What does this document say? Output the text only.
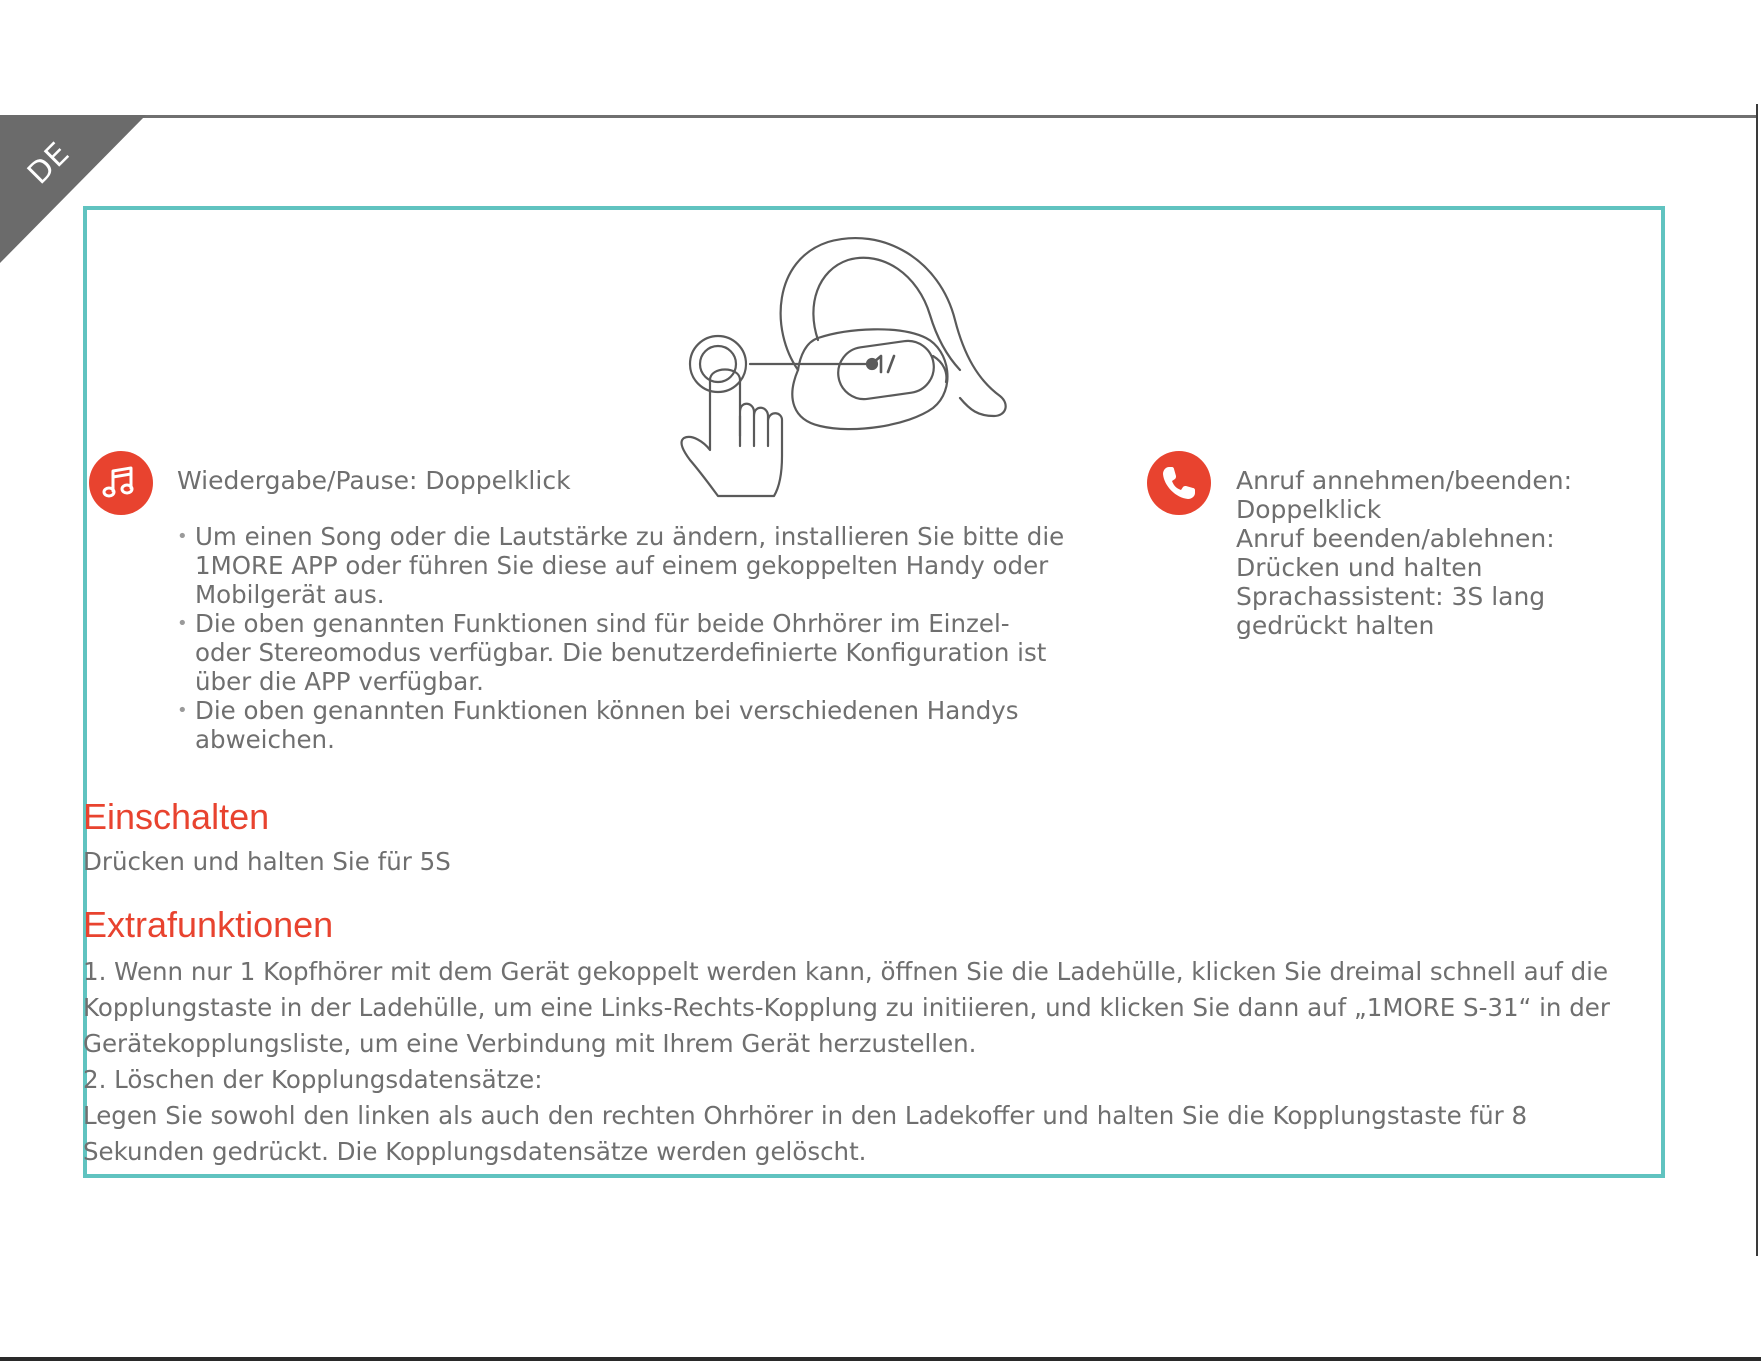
DE
Wiedergabe/Pause: Doppelklick
• Um einen Song oder die Lautstärke zu ändern, installieren Sie bitte die
1MORE APP oder führen Sie diese auf einem gekoppelten Handy oder
Mobilgerät aus.
• Die oben genannten Funktionen sind für beide Ohrhörer im Einzel-
oder Stereomodus verfügbar. Die benutzerdefinierte Konfiguration ist
über die APP verfügbar.
• Die oben genannten Funktionen können bei verschiedenen Handys
abweichen.
Anruf annehmen/beenden:
Doppelklick
Anruf beenden/ablehnen:
Drücken und halten
Sprachassistent: 3S lang
gedrückt halten
Einschalten
Drücken und halten Sie für 5S
Extrafunktionen
1. Wenn nur 1 Kopfhörer mit dem Gerät gekoppelt werden kann, öffnen Sie die Ladehülle, klicken Sie dreimal schnell auf die
Kopplungstaste in der Ladehülle, um eine Links-Rechts-Kopplung zu initiieren, und klicken Sie dann auf „1MORE S-31“ in der
Gerätekopplungsliste, um eine Verbindung mit Ihrem Gerät herzustellen.
2. Löschen der Kopplungsdatensätze:
Legen Sie sowohl den linken als auch den rechten Ohrhörer in den Ladekoffer und halten Sie die Kopplungstaste für 8
Sekunden gedrückt. Die Kopplungsdatensätze werden gelöscht.
